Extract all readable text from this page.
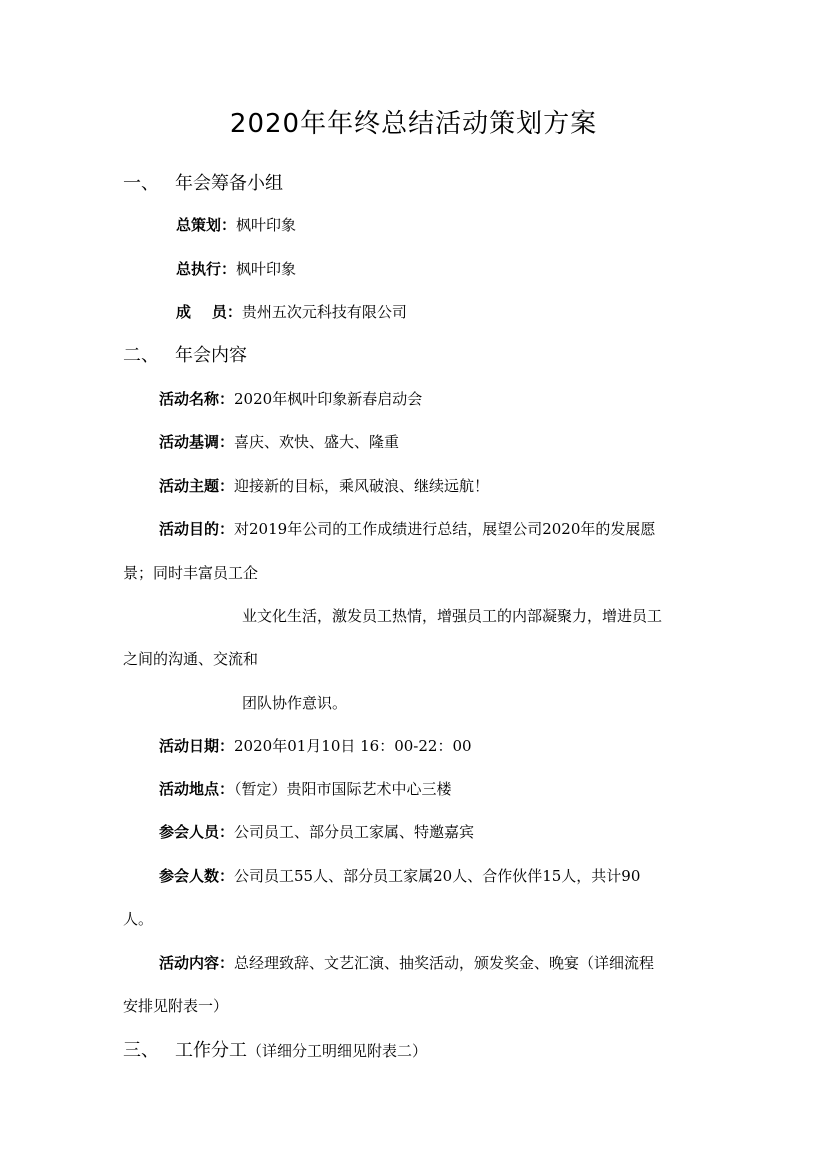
2020年年终总结活动策划方案
一、 年会筹备小组
总策划：枫叶印象
总执行：枫叶印象
成    员：贵州五次元科技有限公司
二、 年会内容
活动名称：2020年枫叶印象新春启动会
活动基调：喜庆、欢快、盛大、隆重
活动主题：迎接新的目标，乘风破浪、继续远航！
活动目的：对2019年公司的工作成绩进行总结，展望公司2020年的发展愿
景；同时丰富员工企
业文化生活，激发员工热情，增强员工的内部凝聚力，增进员工
之间的沟通、交流和
团队协作意识。
活动日期：2020年01月10日 16：00-22：00
活动地点：（暂定）贵阳市国际艺术中心三楼
参会人员：公司员工、部分员工家属、特邀嘉宾
参会人数：公司员工55人、部分员工家属20人、合作伙伴15人，共计90
人。
活动内容：总经理致辞、文艺汇演、抽奖活动，颁发奖金、晚宴（详细流程
安排见附表一）
三、 工作分工（详细分工明细见附表二）
